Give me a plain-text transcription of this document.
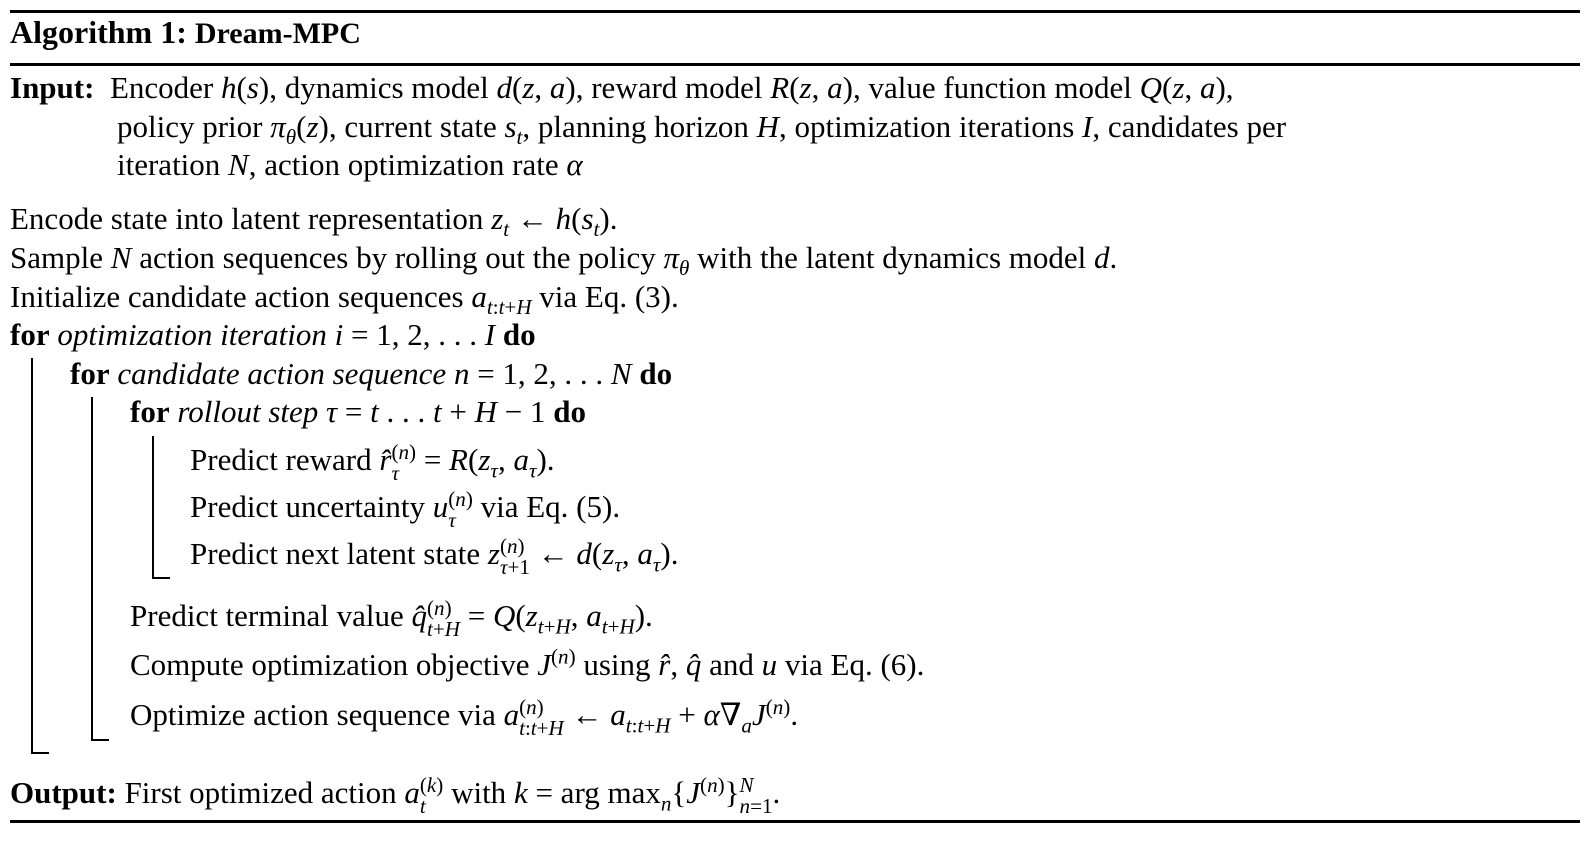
Algorithm 1: Dream-MPC
Input: Encoder h(s), dynamics model d(z, a), reward model R(z, a), value function model Q(z, a),
policy prior $\pi_\theta(z)$, current state $s_t$, planning horizon H, optimization iterations I, candidates per
iteration N, action optimization rate α
Encode state into latent representation $z_t$ ← $h(s_t)$.
Sample N action sequences by rolling out the policy $\pi_\theta$ with the latent dynamics model d.
Initialize candidate action sequences $a_{t:t+H}$ via Eq. (3).
for optimization iteration i = 1, 2, . . . I do
for candidate action sequence n = 1, 2, . . . N do
for rollout step τ = t . . . t + H − 1 do
Predict reward r̂ (n)
$\tau = R(z_\tau$, $a_\tau$).
Predict uncertainty u (n)
τ via Eq. (5).
Predict next latent state z (n)
τ+1 ← $d(z_\tau$, $a_\tau$).
Predict terminal value q̂ (n)
$t+H = Q(z_{t+H}$, $a_{t+H}$).
Compute optimization objective $J^{(n)}$ using r̂, q̂ and u via Eq. (6).
Optimize action sequence via a (n)
t:t+H ← $a_{t:t+H} + \alpha\nabla_aJ^{(n)}$.
Output: First optimized action a (k)
t with k = arg $\max_n\{J^{(n)}\}$ N
n=1 .
